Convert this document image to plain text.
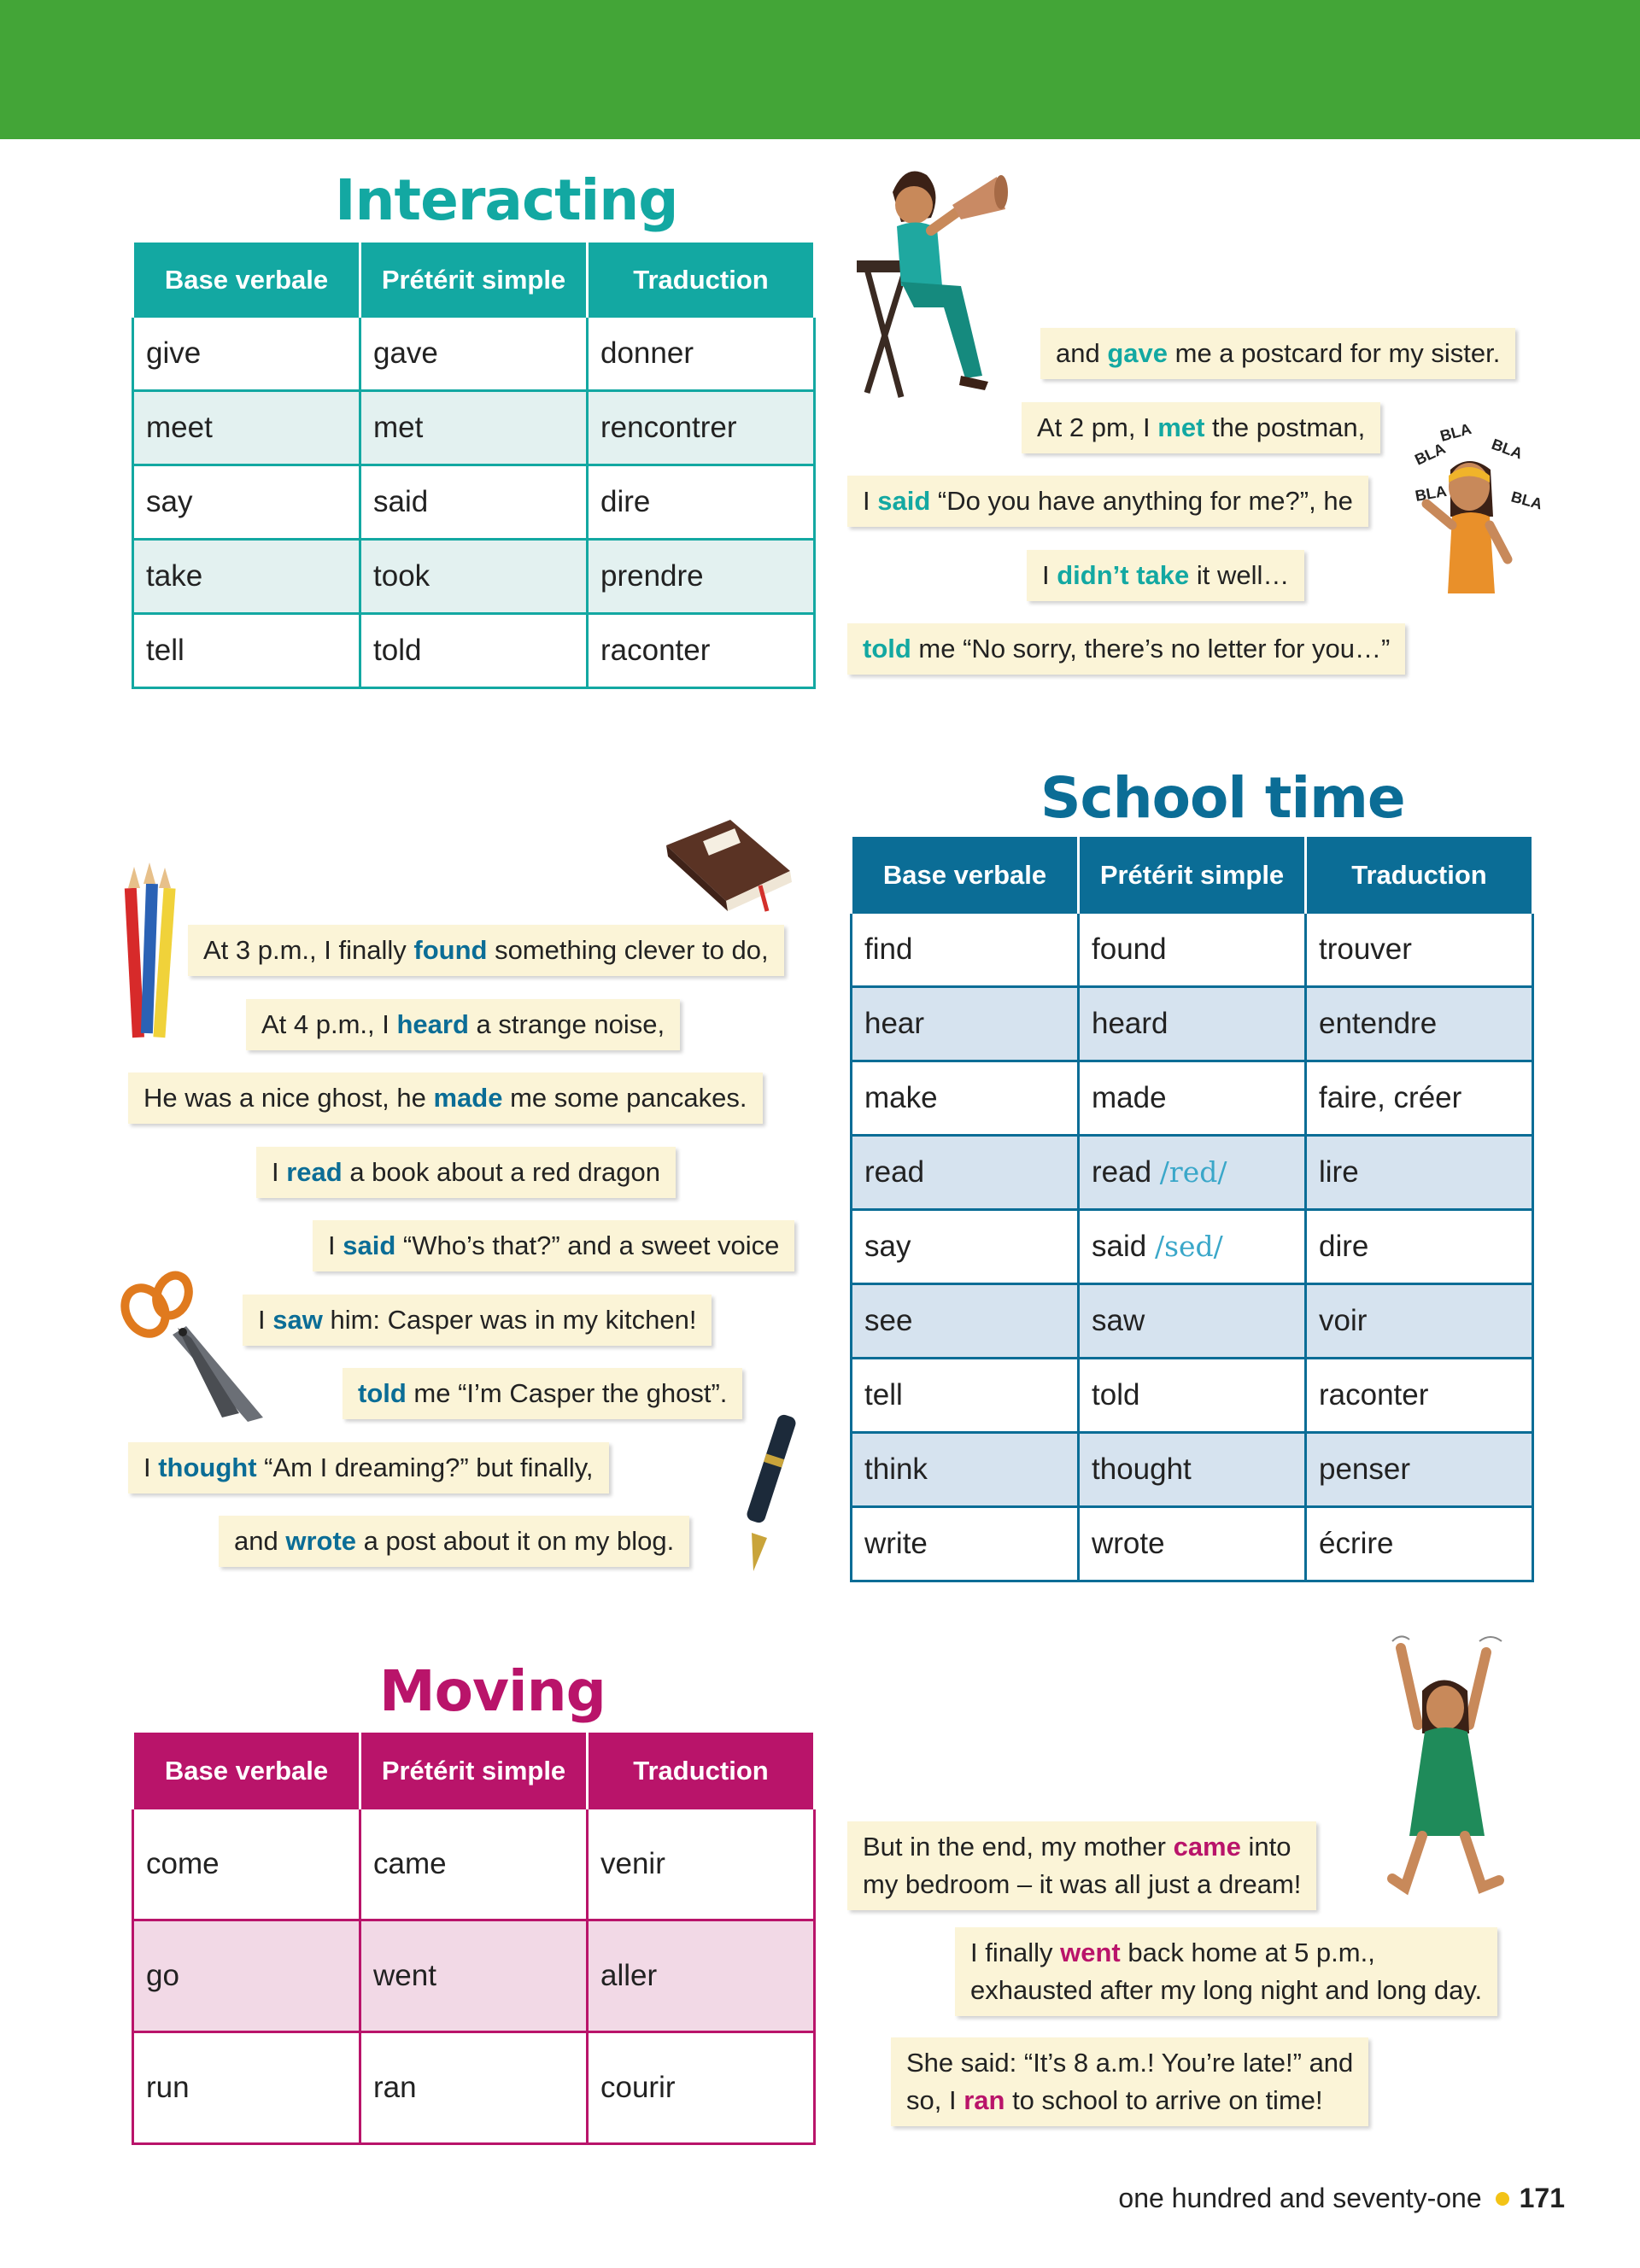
Interacting
Base verbale	Prétérit simple	Traduction
give	gave	donner
meet	met	rencontrer
say	said	dire
take	took	prendre
tell	told	raconter
and gave me a postcard for my sister.
At 2 pm, I met the postman,
I said “Do you have anything for me?”, he
I didn’t take it well…
told me “No sorry, there’s no letter for you…”
BLA
BLA
BLA
BLA	BLA
School time
Base verbale	Prétérit simple	Traduction
find	found	trouver
hear	heard	entendre
make	made	faire, créer
read	read /red/	lire
say	said /sed/	dire
see	saw	voir
tell	told	raconter
think	thought	penser
write	wrote	écrire
At 3 p.m., I finally found something clever to do,
At 4 p.m., I heard a strange noise,
He was a nice ghost, he made me some pancakes.
I read a book about a red dragon
I said “Who’s that?” and a sweet voice
I saw him: Casper was in my kitchen!
told me “I’m Casper the ghost”.
I thought “Am I dreaming?” but finally,
and wrote a post about it on my blog.
Moving
Base verbale	Prétérit simple	Traduction
come	came	venir
go	went	aller
run	ran	courir
But in the end, my mother came into
my bedroom – it was all just a dream!
I finally went back home at 5 p.m.,
exhausted after my long night and long day.
She said: “It’s 8 a.m.! You’re late!” and
so, I ran to school to arrive on time!
one hundred and seventy-one 171
